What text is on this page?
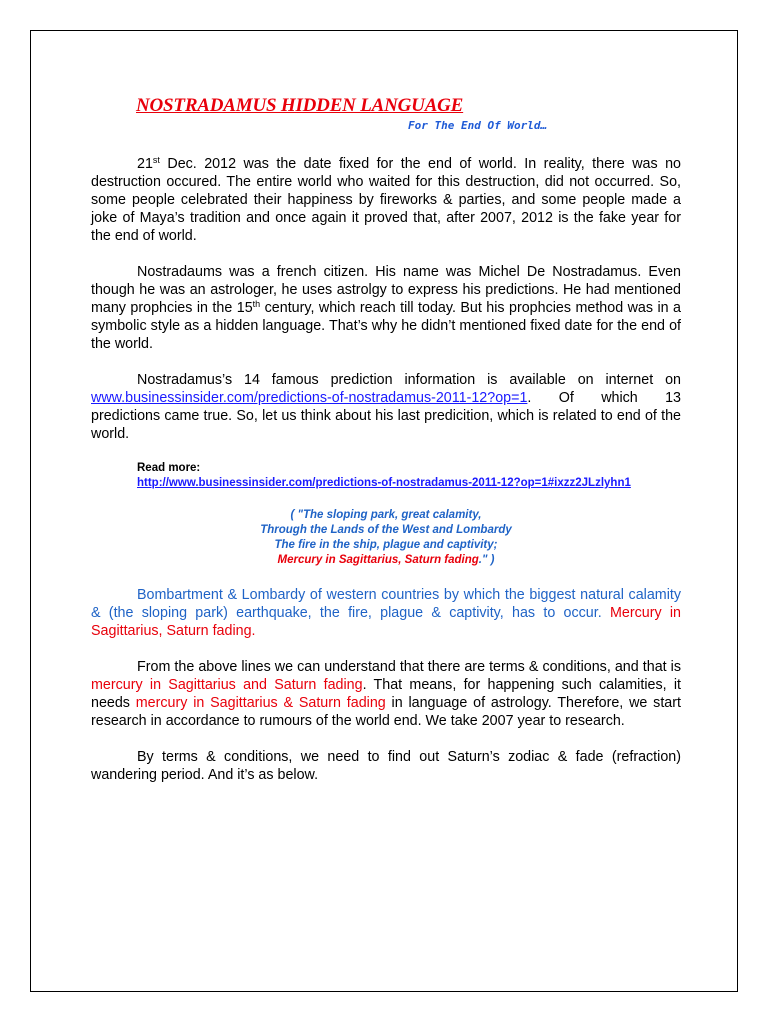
NOSTRADAMUS HIDDEN LANGUAGE
For The End Of World…

21st Dec. 2012 was the date fixed for the end of world. In reality, there was no destruction occured. The entire world who waited for this destruction, did not occurred. So, some people celebrated their happiness by fireworks & parties, and some people made a joke of Maya’s tradition and once again it proved that, after 2007, 2012 is the fake year for the end of world.

Nostradaums was a french citizen. His name was Michel De Nostradamus. Even though he was an astrologer, he uses astrolgy to express his predictions. He had mentioned many prophcies in the 15th century, which reach till today. But his prophcies method was in a symbolic style as a hidden language. That’s why he didn’t mentioned fixed date for the end of the world.

Nostradamus’s 14 famous prediction information is available on internet on www.businessinsider.com/predictions-of-nostradamus-2011-12?op=1. Of which 13 predictions came true. So, let us think about his last predicition, which is related to end of the world.

Read more:
http://www.businessinsider.com/predictions-of-nostradamus-2011-12?op=1#ixzz2JLzlyhn1
( "The sloping park, great calamity,
Through the Lands of the West and Lombardy
The fire in the ship, plague and captivity;
Mercury in Sagittarius, Saturn fading." )

Bombartment & Lombardy of western countries by which the biggest natural calamity & (the sloping park) earthquake, the fire, plague & captivity, has to occur. Mercury in Sagittarius, Saturn fading.

From the above lines we can understand that there are terms & conditions, and that is mercury in Sagittarius and Saturn fading. That means, for happening such calamities, it needs mercury in Sagittarius & Saturn fading in language of astrology. Therefore, we start research in accordance to rumours of the world end. We take 2007 year to research.

By terms & conditions, we need to find out Saturn’s zodiac & fade (refraction) wandering period. And it’s as below.
